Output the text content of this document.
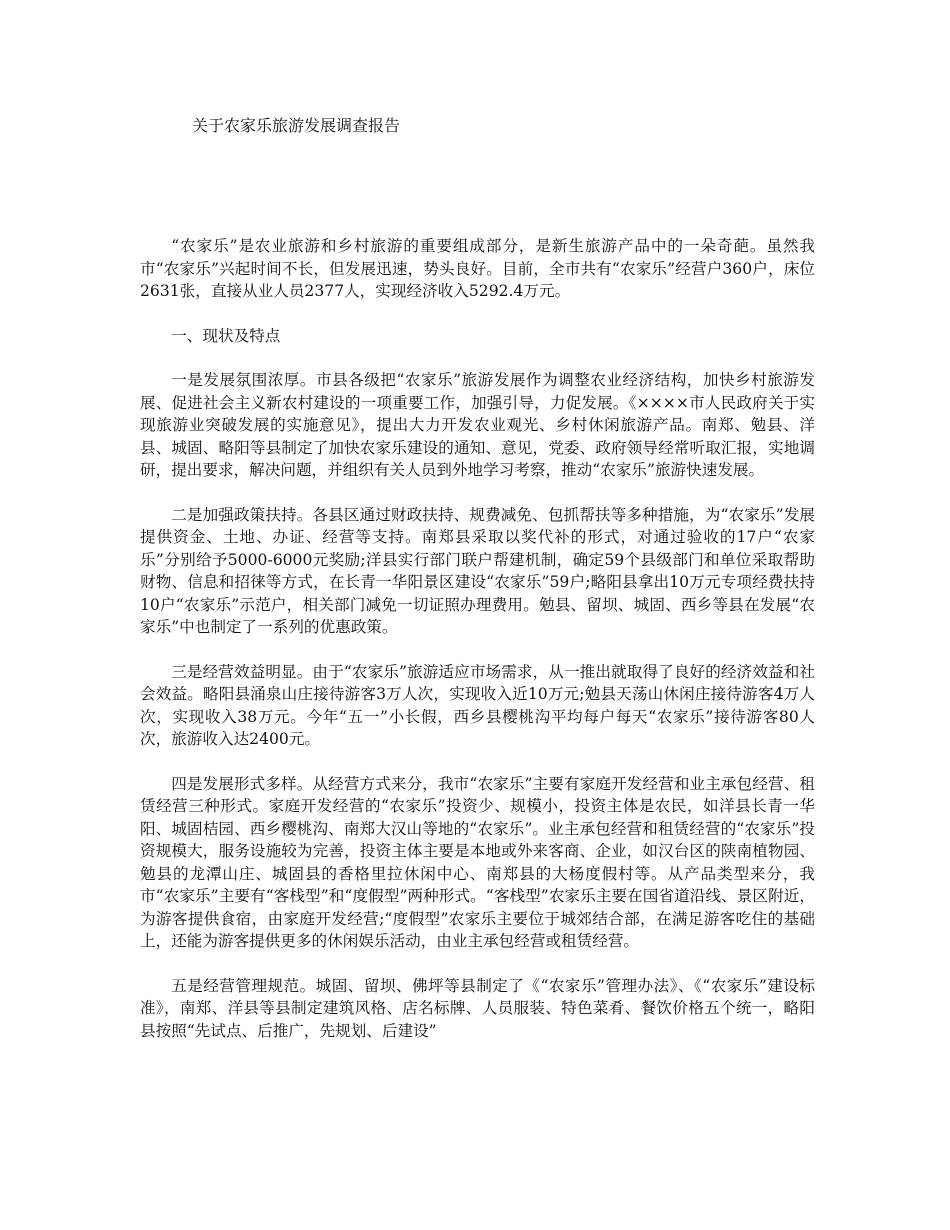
关于农家乐旅游发展调查报告

“农家乐”是农业旅游和乡村旅游的重要组成部分，是新生旅游产品中的一朵奇葩。虽然我市“农家乐”兴起时间不长，但发展迅速，势头良好。目前，全市共有“农家乐”经营户360户，床位2631张，直接从业人员2377人，实现经济收入5292.4万元。

一、现状及特点

一是发展氛围浓厚。市县各级把“农家乐”旅游发展作为调整农业经济结构，加快乡村旅游发展、促进社会主义新农村建设的一项重要工作，加强引导，力促发展。《××××市人民政府关于实现旅游业突破发展的实施意见》，提出大力开发农业观光、乡村休闲旅游产品。南郑、勉县、洋县、城固、略阳等县制定了加快农家乐建设的通知、意见，党委、政府领导经常听取汇报，实地调研，提出要求，解决问题，并组织有关人员到外地学习考察，推动“农家乐”旅游快速发展。

二是加强政策扶持。各县区通过财政扶持、规费减免、包抓帮扶等多种措施，为“农家乐”发展提供资金、土地、办证、经营等支持。南郑县采取以奖代补的形式，对通过验收的17户“农家乐”分别给予5000-6000元奖励;洋县实行部门联户帮建机制，确定59个县级部门和单位采取帮助财物、信息和招徕等方式，在长青一华阳景区建设“农家乐”59户;略阳县拿出10万元专项经费扶持10户“农家乐”示范户，相关部门减免一切证照办理费用。勉县、留坝、城固、西乡等县在发展“农家乐”中也制定了一系列的优惠政策。

三是经营效益明显。由于“农家乐”旅游适应市场需求，从一推出就取得了良好的经济效益和社会效益。略阳县涌泉山庄接待游客3万人次，实现收入近10万元;勉县天荡山休闲庄接待游客4万人次，实现收入38万元。今年“五一”小长假，西乡县樱桃沟平均每户每天“农家乐”接待游客80人次，旅游收入达2400元。

四是发展形式多样。从经营方式来分，我市“农家乐”主要有家庭开发经营和业主承包经营、租赁经营三种形式。家庭开发经营的“农家乐”投资少、规模小，投资主体是农民，如洋县长青一华阳、城固桔园、西乡樱桃沟、南郑大汉山等地的“农家乐”。业主承包经营和租赁经营的“农家乐”投资规模大，服务设施较为完善，投资主体主要是本地或外来客商、企业，如汉台区的陕南植物园、勉县的龙潭山庄、城固县的香格里拉休闲中心、南郑县的大杨度假村等。从产品类型来分，我市“农家乐”主要有“客栈型”和“度假型”两种形式。“客栈型”农家乐主要在国省道沿线、景区附近，为游客提供食宿，由家庭开发经营;“度假型”农家乐主要位于城郊结合部，在满足游客吃住的基础上，还能为游客提供更多的休闲娱乐活动，由业主承包经营或租赁经营。

五是经营管理规范。城固、留坝、佛坪等县制定了《“农家乐”管理办法》、《“农家乐”建设标准》，南郑、洋县等县制定建筑风格、店名标牌、人员服装、特色菜肴、餐饮价格五个统一，略阳县按照“先试点、后推广，先规划、后建设”
